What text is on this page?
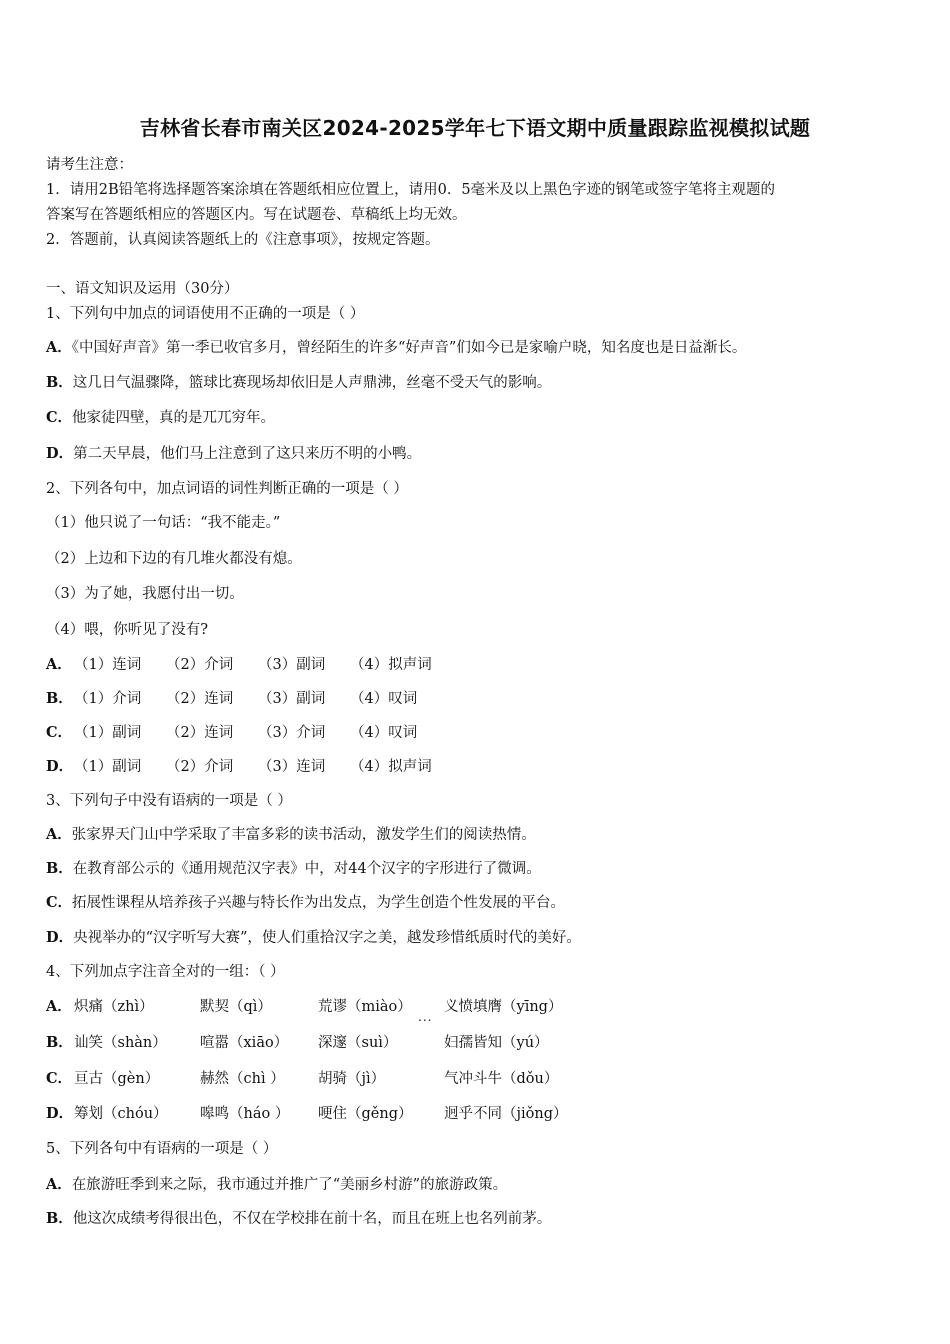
吉林省长春市南关区2024-2025学年七下语文期中质量跟踪监视模拟试题
请考生注意：
1．请用2B铅笔将选择题答案涂填在答题纸相应位置上，请用0．5毫米及以上黑色字迹的钢笔或签字笔将主观题的
答案写在答题纸相应的答题区内。写在试题卷、草稿纸上均无效。
2．答题前，认真阅读答题纸上的《注意事项》，按规定答题。
一、语文知识及运用（30分）
1、下列句中加点的词语使用不正确的一项是（ ）
A．《中国好声音》第一季已收官多月，曾经陌生的许多“好声音”们如今已是家喻户晓，知名度也是日益渐长。
B．这几日气温骤降，篮球比赛现场却依旧是人声鼎沸，丝毫不受天气的影响。
C．他家徒四壁，真的是兀兀穷年。
D．第二天早晨，他们马上注意到了这只来历不明的小鸭。
2、下列各句中，加点词语的词性判断正确的一项是（ ）
（1）他只说了一句话：“我不能走。”
（2）上边和下边的有几堆火都没有熄。
（3）为了她，我愿付出一切。
（4）喂，你听见了没有?
A． （1）连词 （2）介词 （3）副词 （4）拟声词
B．（1）介词 （2）连词 （3）副词 （4）叹词
C． （1）副词 （2）连词 （3）介词 （4）叹词
D．（1）副词 （2）介词 （3）连词 （4）拟声词
3、下列句子中没有语病的一项是（ ）
A．张家界天门山中学采取了丰富多彩的读书活动，激发学生们的阅读热情。
B．在教育部公示的《通用规范汉字表》中，对44个汉字的字形进行了微调。
C．拓展性课程从培养孩子兴趣与特长作为出发点，为学生创造个性发展的平台。
D．央视举办的“汉字听写大赛”，使人们重拾汉字之美，越发珍惜纸质时代的美好。
4、下列加点字注音全对的一组：（ ）
...
A． 炽痛（zhì）	默契（qì）	荒谬（miào） 义愤填膺（yīng）
B．讪笑（shàn） 喧嚣（xiāo） 深邃（suì）	妇孺皆知（yú）
C． 亘古（gèn）	赫然（chì ） 胡骑（jì）	气冲斗牛（dǒu）
D．筹划（chóu） 嗥鸣（háo ） 哽住（gěng） 迥乎不同（jiǒng）
5、下列各句中有语病的一项是（ ）
A．在旅游旺季到来之际，我市通过并推广了“美丽乡村游”的旅游政策。
B．他这次成绩考得很出色，不仅在学校排在前十名，而且在班上也名列前茅。
